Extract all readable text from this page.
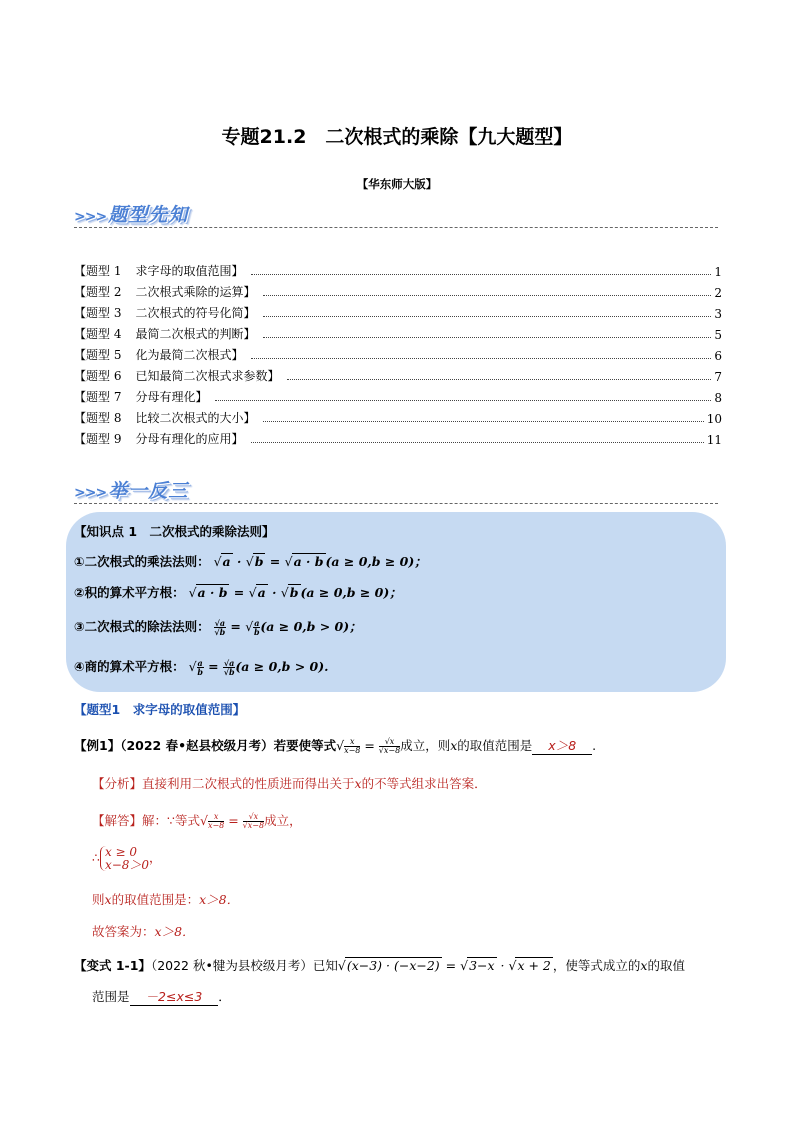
专题21.2　二次根式的乘除【九大题型】
【华东师大版】
>>> 题型先知
【题型 1 求字母的取值范围】	1
【题型 2 二次根式乘除的运算】	2
【题型 3 二次根式的符号化简】	3
【题型 4 最简二次根式的判断】	5
【题型 5 化为最简二次根式】	6
【题型 6 已知最简二次根式求参数】	7
【题型 7 分母有理化】	8
【题型 8 比较二次根式的大小】	10
【题型 9 分母有理化的应用】	11
>>> 举一反三
【知识点 1　二次根式的乘除法则】
①二次根式的乘法法则： √a · √b = √a · b (a ≥ 0,b ≥ 0)；
②积的算术平方根： √a · b = √a · √b (a ≥ 0,b ≥ 0)；
③二次根式的除法法则： $\frac{√a}{√b}$ = √ $\frac{a}{b} (a \ge 0,b > 0)$；
④商的算术平方根： √ $\frac{a}{b} = \frac{√a}{√b} (a \ge 0,b > 0)$.
【题型1　求字母的取值范围】
【例1】（2022 春•赵县校级月考）若要使等式√ $\frac{x}{x-8} = \frac{√x}{√x-8}$ 成立，则x的取值范围是 x＞8 .
【分析】直接利用二次根式的性质进而得出关于x的不等式组求出答案．
【解答】解：∵等式√ $\frac{x}{x-8} = \frac{√x}{√x-8}$ 成立，
∴ x ≥ 0
x−8＞0，
则x的取值范围是：x＞8．
故答案为：x＞8．
【变式 1-1】（2022 秋•犍为县校级月考）已知√(x−3) · (−x−2) = √3−x · √x + 2 ，使等式成立的x的取值
范围是 －2≤x≤3 ．
